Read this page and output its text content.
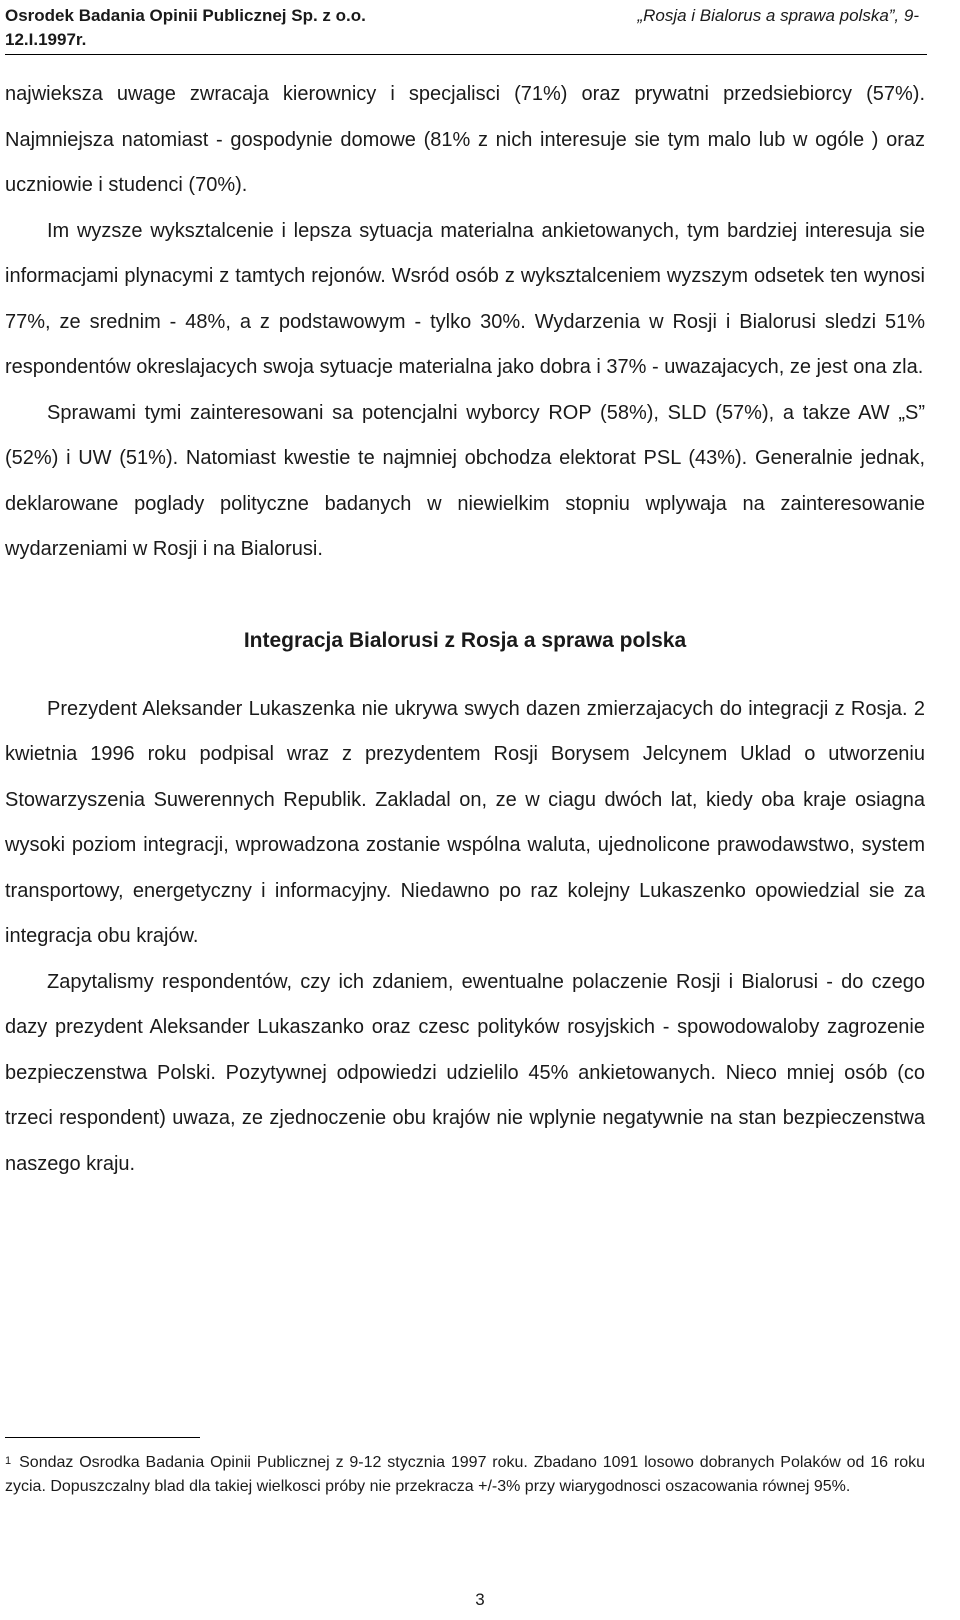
Osrodek Badania Opinii Publicznej Sp. z o.o.	„Rosja i Bialorus a sprawa polska”, 9-
12.I.1997r.

najwieksza uwage zwracaja kierownicy i specjalisci (71%) oraz prywatni przedsiebiorcy (57%). Najmniejsza natomiast - gospodynie domowe (81% z nich interesuje sie tym malo lub w ogóle ) oraz uczniowie i studenci (70%).

Im wyzsze wyksztalcenie i lepsza sytuacja materialna ankietowanych, tym bardziej interesuja sie informacjami plynacymi z tamtych rejonów. Wsród osób z wyksztalceniem wyzszym odsetek ten wynosi 77%, ze srednim - 48%, a z podstawowym - tylko 30%. Wydarzenia w Rosji i Bialorusi sledzi 51% respondentów okreslajacych swoja sytuacje materialna jako dobra i 37% - uwazajacych, ze jest ona zla.

Sprawami tymi zainteresowani sa potencjalni wyborcy ROP (58%), SLD (57%), a takze AW „S” (52%) i UW (51%). Natomiast kwestie te najmniej obchodza elektorat PSL (43%). Generalnie jednak, deklarowane poglady polityczne badanych w niewielkim stopniu wplywaja na zainteresowanie wydarzeniami w Rosji i na Bialorusi.

Integracja Bialorusi z Rosja a sprawa polska

Prezydent Aleksander Lukaszenka nie ukrywa swych dazen zmierzajacych do integracji z Rosja. 2 kwietnia 1996 roku podpisal wraz z prezydentem Rosji Borysem Jelcynem Uklad o utworzeniu Stowarzyszenia Suwerennych Republik. Zakladal on, ze w ciagu dwóch lat, kiedy oba kraje osiagna wysoki poziom integracji, wprowadzona zostanie wspólna waluta, ujednolicone prawodawstwo, system transportowy, energetyczny i informacyjny. Niedawno po raz kolejny Lukaszenko opowiedzial sie za integracja obu krajów.

Zapytalismy respondentów, czy ich zdaniem, ewentualne polaczenie Rosji i Bialorusi - do czego dazy prezydent Aleksander Lukaszanko oraz czesc polityków rosyjskich - spowodowaloby zagrozenie bezpieczenstwa Polski. Pozytywnej odpowiedzi udzielilo 45% ankietowanych. Nieco mniej osób (co trzeci respondent) uwaza, ze zjednoczenie obu krajów nie wplynie negatywnie na stan bezpieczenstwa naszego kraju.

$^1$ Sondaz Osrodka Badania Opinii Publicznej z 9-12 stycznia 1997 roku. Zbadano 1091 losowo dobranych Polaków od 16 roku zycia. Dopuszczalny blad dla takiej wielkosci próby nie przekracza +/-3% przy wiarygodnosci oszacowania równej 95%.
3
